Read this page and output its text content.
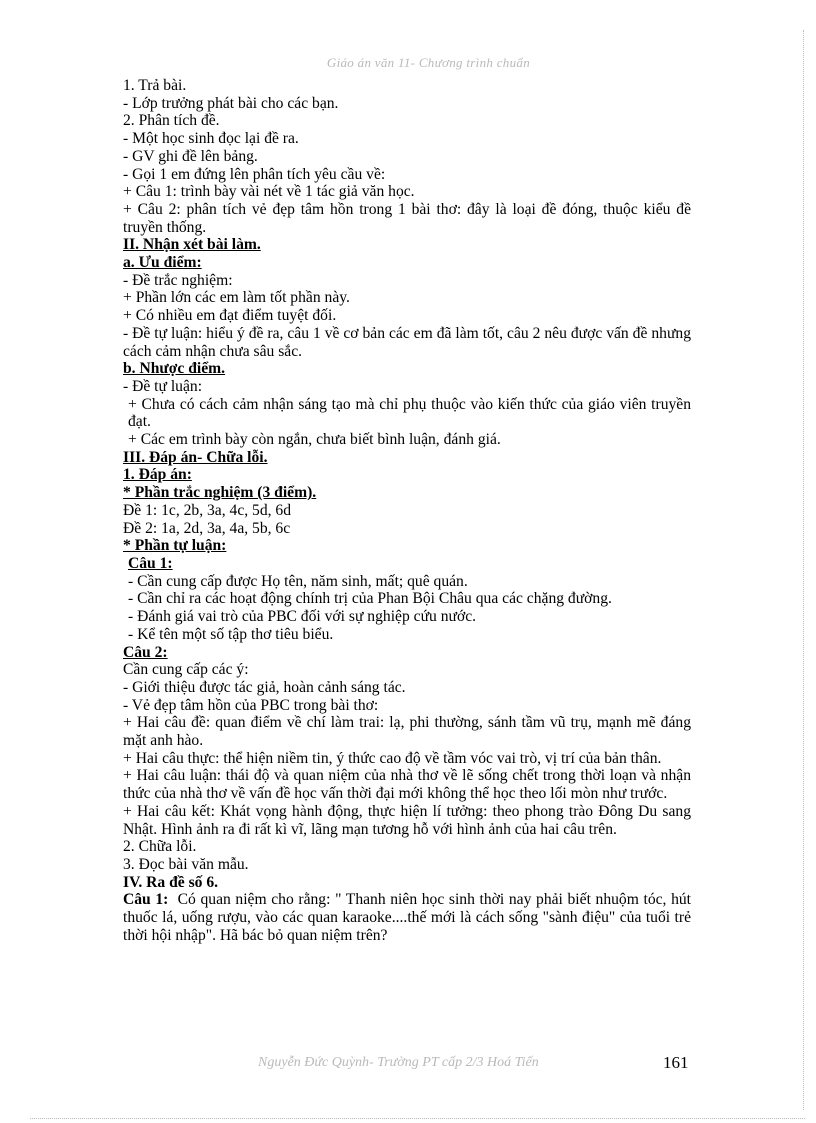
Giáo án văn 11- Chương trình chuẩn

1. Trả bài.

- Lớp trưởng phát bài cho các bạn.

2. Phân tích đề.

- Một học sinh đọc lại đề ra.

- GV ghi đề lên bảng.

- Gọi 1 em đứng lên phân tích yêu cầu về:

+ Câu 1: trình bày vài nét về 1 tác giả văn học.

+ Câu 2: phân tích vẻ đẹp tâm hồn trong 1 bài thơ: đây là loại đề đóng, thuộc kiểu đề truyền thống.

II. Nhận xét bài làm.

a. Ưu điểm:

- Đề trắc nghiệm:

+ Phần lớn các em làm tốt phần này.

+ Có nhiều em đạt điểm tuyệt đối.

- Đề tự luận: hiểu ý đề ra, câu 1 về cơ bản các em đã làm tốt, câu 2 nêu được vấn đề nhưng cách cảm nhận chưa sâu sắc.

b. Nhược điểm.

- Đề tự luận:

+ Chưa có cách cảm nhận sáng tạo mà chỉ phụ thuộc vào kiến thức của giáo viên truyền đạt.

+ Các em trình bày còn ngắn, chưa biết bình luận, đánh giá.

III. Đáp án- Chữa lỗi.

1. Đáp án:

* Phần trắc nghiệm (3 điểm).

Đề 1: 1c, 2b, 3a, 4c, 5d, 6d

Đề 2: 1a, 2d, 3a, 4a, 5b, 6c

* Phần tự luận:

Câu 1:

- Cần cung cấp được Họ tên, năm sinh, mất; quê quán.

- Cần chỉ ra các hoạt động chính trị của Phan Bội Châu qua các chặng đường.

- Đánh giá vai trò của PBC đối với sự nghiệp cứu nước.

- Kể tên một số tập thơ tiêu biểu.

Câu 2:

Cần cung cấp các ý:

- Giới thiệu được tác giả, hoàn cảnh sáng tác.

- Vẻ đẹp tâm hồn của PBC trong bài thơ:

+ Hai câu đề: quan điểm về chí làm trai: lạ, phi thường, sánh tầm vũ trụ, mạnh mẽ đáng mặt anh hào.

+ Hai câu thực: thể hiện niềm tin, ý thức cao độ về tầm vóc vai trò, vị trí của bản thân.

+ Hai câu luận: thái độ và quan niệm của nhà thơ về lẽ sống chết trong thời loạn và nhận thức của nhà thơ về vấn đề học vấn thời đại mới không thể học theo lối mòn như trước.

+ Hai câu kết: Khát vọng hành động, thực hiện lí tưởng: theo phong trào Đông Du sang Nhật. Hình ảnh ra đi rất kì vĩ, lãng mạn tương hỗ với hình ảnh của hai câu trên.

2. Chữa lỗi.

3. Đọc bài văn mẫu.

IV. Ra đề số 6.

Câu 1: Có quan niệm cho rằng: " Thanh niên học sinh thời nay phải biết nhuộm tóc, hút thuốc lá, uống rượu, vào các quan karaoke....thế mới là cách sống "sành điệu" của tuổi trẻ thời hội nhập". Hã bác bỏ quan niệm trên?

Nguyễn Đức Quỳnh- Trường PT cấp 2/3 Hoá Tiến	161
